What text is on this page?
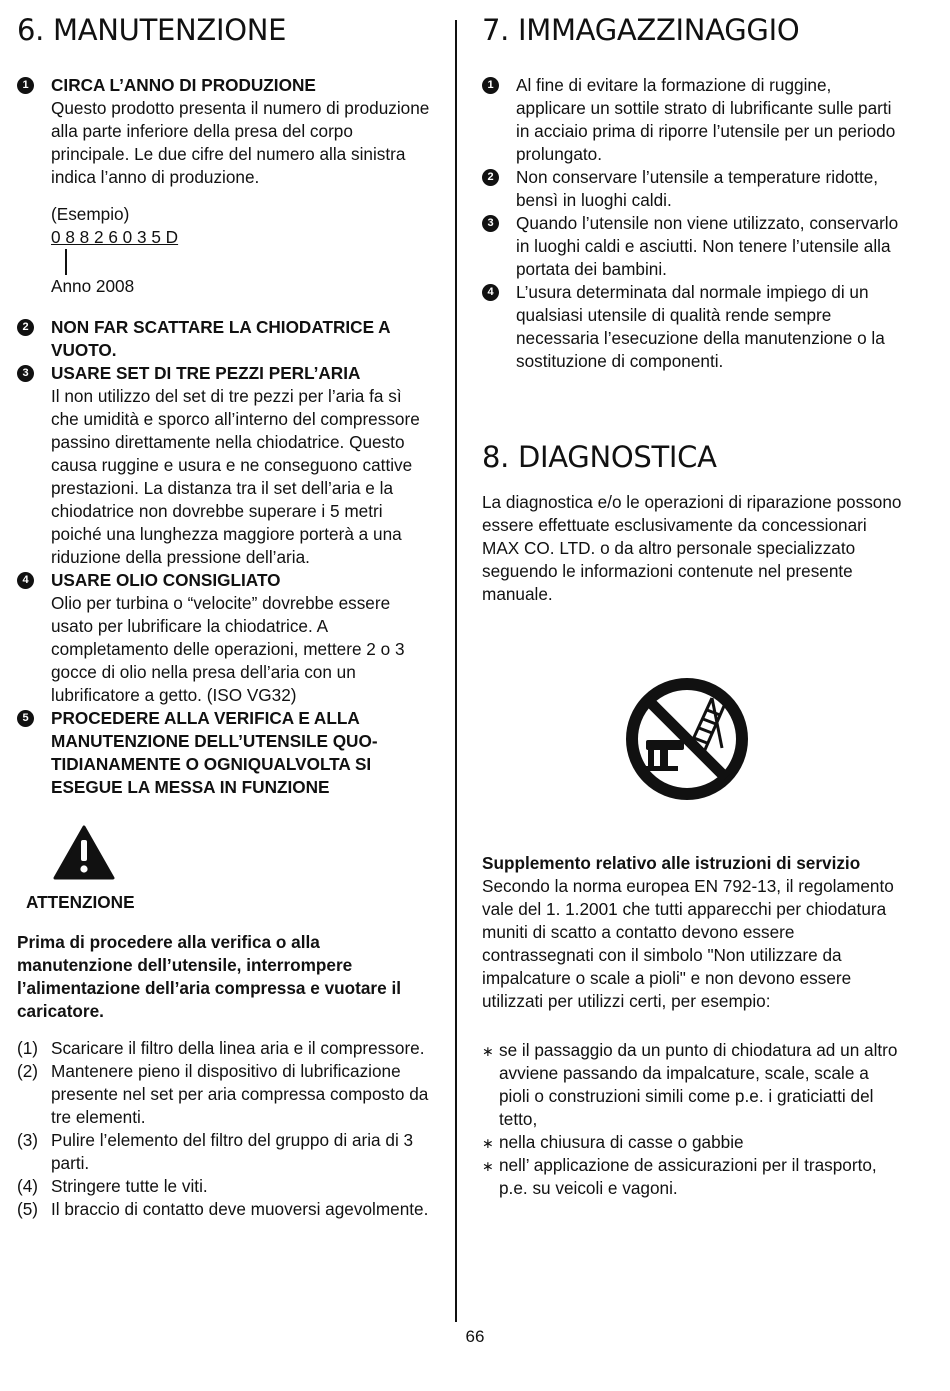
6. MANUTENZIONE
1	CIRCA L’ANNO DI PRODUZIONE
Questo prodotto presenta il numero di produzione alla parte inferiore della presa del corpo principale. Le due cifre del numero alla sinistra indica l’anno di produzione.
(Esempio)
0 8 8 2 6 0 3 5 D
Anno 2008
2	NON FAR SCATTARE LA CHIODATRICE A VUOTO.
3	USARE SET DI TRE PEZZI PERL’ARIA
Il non utilizzo del set di tre pezzi per l’aria fa sì che umidità e sporco all’interno del compressore passino direttamente nella chiodatrice. Questo causa ruggine e usura e ne conseguono cattive prestazioni. La distanza tra il set dell’aria e la chiodatrice non dovrebbe superare i 5 metri poiché una lunghezza maggiore porterà a una riduzione della pressione dell’aria.
4	USARE OLIO CONSIGLIATO
Olio per turbina o “velocite” dovrebbe essere usato per lubrificare la chiodatrice. A completamento delle operazioni, mettere 2 o 3 gocce di olio nella presa dell’aria con un lubrificatore a getto. (ISO VG32)
5	PROCEDERE ALLA VERIFICA E ALLA MANUTENZIONE DELL’UTENSILE QUO-TIDIANAMENTE O OGNIQUALVOLTA SI ESEGUE LA MESSA IN FUNZIONE
ATTENZIONE
Prima di procedere alla verifica o alla manutenzione dell’utensile, interrompere l’alimentazione dell’aria compressa e vuotare il caricatore.
(1) Scaricare il filtro della linea aria e il compressore.
(2) Mantenere pieno il dispositivo di lubrificazione presente nel set per aria compressa composto da tre elementi.
(3) Pulire l’elemento del filtro del gruppo di aria di 3 parti.
(4) Stringere tutte le viti.
(5) Il braccio di contatto deve muoversi agevolmente.
7. IMMAGAZZINAGGIO
1	Al fine di evitare la formazione di ruggine, applicare un sottile strato di lubrificante sulle parti in acciaio prima di riporre l’utensile per un periodo prolungato.
2	Non conservare l’utensile a temperature ridotte, bensì in luoghi caldi.
3	Quando l’utensile non viene utilizzato, conservarlo in luoghi caldi e asciutti. Non tenere l’utensile alla portata dei bambini.
4	L’usura determinata dal normale impiego di un qualsiasi utensile di qualità rende sempre necessaria l’esecuzione della manutenzione o la sostituzione di componenti.
8. DIAGNOSTICA
La diagnostica e/o le operazioni di riparazione possono essere effettuate esclusivamente da concessionari MAX CO. LTD. o da altro personale specializzato seguendo le informazioni contenute nel presente manuale.
Supplemento relativo alle istruzioni di servizio
Secondo la norma europea EN 792-13, il regolamento vale del 1. 1.2001 che tutti apparecchi per chiodatura muniti di scatto a contatto devono essere contrassegnati con il simbolo "Non utilizzare da impalcature o scale a pioli" e non devono essere utilizzati per utilizzi certi, per esempio:
∗ se il passaggio da un punto di chiodatura ad un altro avviene passando da impalcature, scale, scale a pioli o construzioni simili come p.e. i graticiatti del tetto,
∗ nella chiusura di casse o gabbie
∗ nell’ applicazione de assicurazioni per il trasporto, p.e. su veicoli e vagoni.
66
